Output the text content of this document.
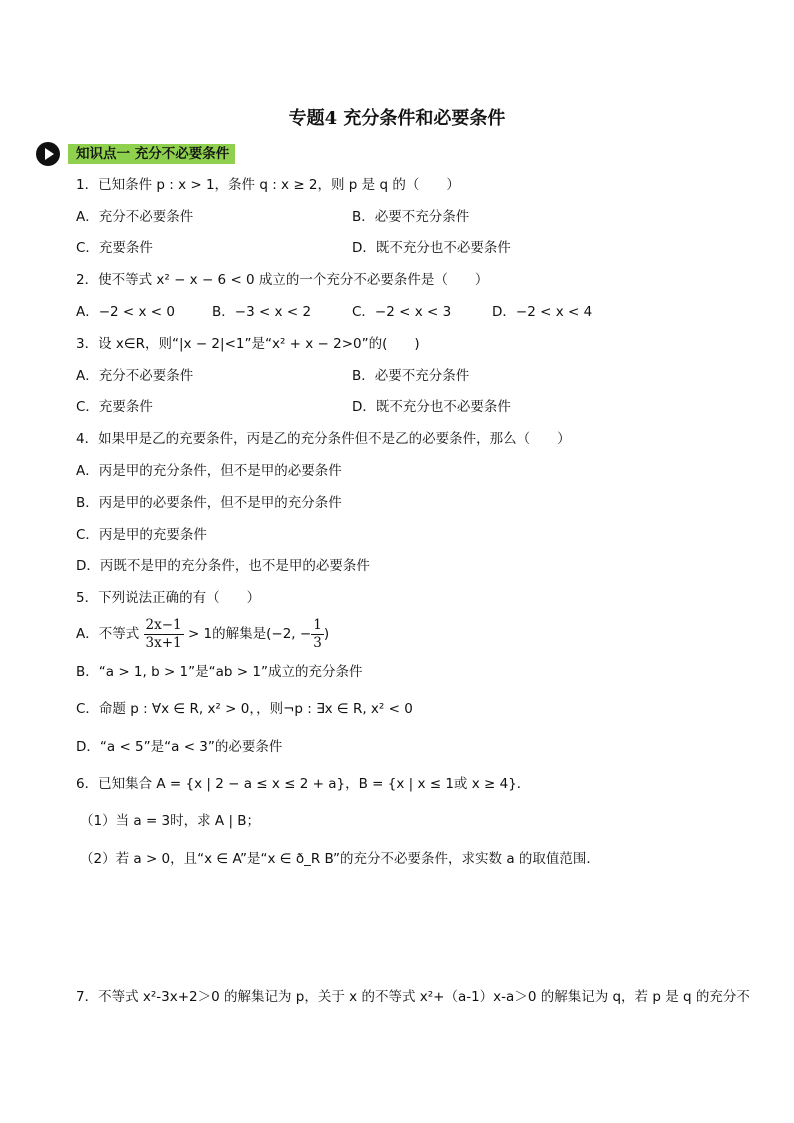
专题4 充分条件和必要条件
知识点一 充分不必要条件
1．已知条件 p : x > 1，条件 q : x ≥ 2，则 p 是 q 的（　　）
A．充分不必要条件	B．必要不充分条件
C．充要条件	D．既不充分也不必要条件
2．使不等式 x² − x − 6 < 0 成立的一个充分不必要条件是（　　）
A．−2 < x < 0	B．−3 < x < 2	C．−2 < x < 3	D．−2 < x < 4
3．设 x∈R，则“|x − 2|<1”是“x² + x − 2>0”的(　　)
A．充分不必要条件	B．必要不充分条件
C．充要条件	D．既不充分也不必要条件
4．如果甲是乙的充要条件，丙是乙的充分条件但不是乙的必要条件，那么（　　）
A．丙是甲的充分条件，但不是甲的必要条件
B．丙是甲的必要条件，但不是甲的充分条件
C．丙是甲的充要条件
D．丙既不是甲的充分条件，也不是甲的必要条件
5．下列说法正确的有（　　）
A．不等式 $\frac{2x-1}{3x+1} > 1$的解集是(−2, − $\frac{1}{3}$ )
B．“a > 1, b > 1”是“ab > 1”成立的充分条件
C．命题 p : ∀x ∈ R, x² > 0，，则¬p : ∃x ∈ R, x² < 0
D．“a < 5”是“a < 3”的必要条件
6．已知集合 A = {x | 2 − a ≤ x ≤ 2 + a}，B = {x | x ≤ 1或 x ≥ 4}．
（1）当 a = 3时，求 A | B；
（2）若 a > 0，且“x ∈ A”是“x ∈ ð_R B”的充分不必要条件，求实数 a 的取值范围．
7．不等式 x²-3x+2＞0 的解集记为 p，关于 x 的不等式 x²+（a-1）x-a＞0 的解集记为 q，若 p 是 q 的充分不
